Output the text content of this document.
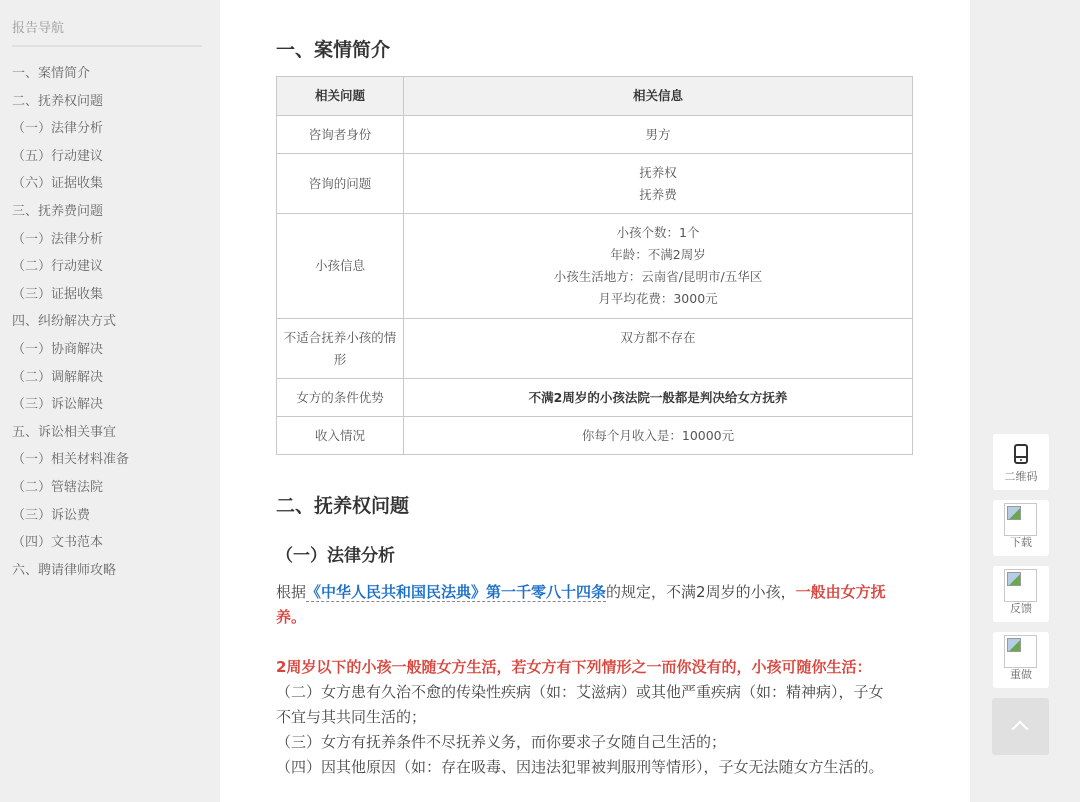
报告导航
一、案情简介
二、抚养权问题
（一）法律分析
（五）行动建议
（六）证据收集
三、抚养费问题
（一）法律分析
（二）行动建议
（三）证据收集
四、纠纷解决方式
（一）协商解决
（二）调解解决
（三）诉讼解决
五、诉讼相关事宜
（一）相关材料准备
（二）管辖法院
（三）诉讼费
（四）文书范本
六、聘请律师攻略
一、案情简介
相关问题	相关信息
咨询者身份	男方

咨询的问题	抚养权
抚养费

小孩信息	小孩个数：1个
年龄：不满2周岁
小孩生活地方：云南省/昆明市/五华区
月平均花费：3000元

不适合抚养小孩的情形	双方都不存在

女方的条件优势	不满2周岁的小孩法院一般都是判决给女方抚养

收入情况	你每个月收入是：10000元
二、抚养权问题
（一）法律分析
根据《中华人民共和国民法典》第一千零八十四条的规定，不满2周岁的小孩，一般由女方抚养。
2周岁以下的小孩一般随女方生活，若女方有下列情形之一而你没有的，小孩可随你生活：
（二）女方患有久治不愈的传染性疾病（如：艾滋病）或其他严重疾病（如：精神病），子女不宜与其共同生活的；
（三）女方有抚养条件不尽抚养义务，而你要求子女随自己生活的；
（四）因其他原因（如：存在吸毒、因违法犯罪被判服刑等情形），子女无法随女方生活的。
二维码
下载
反馈
重做
